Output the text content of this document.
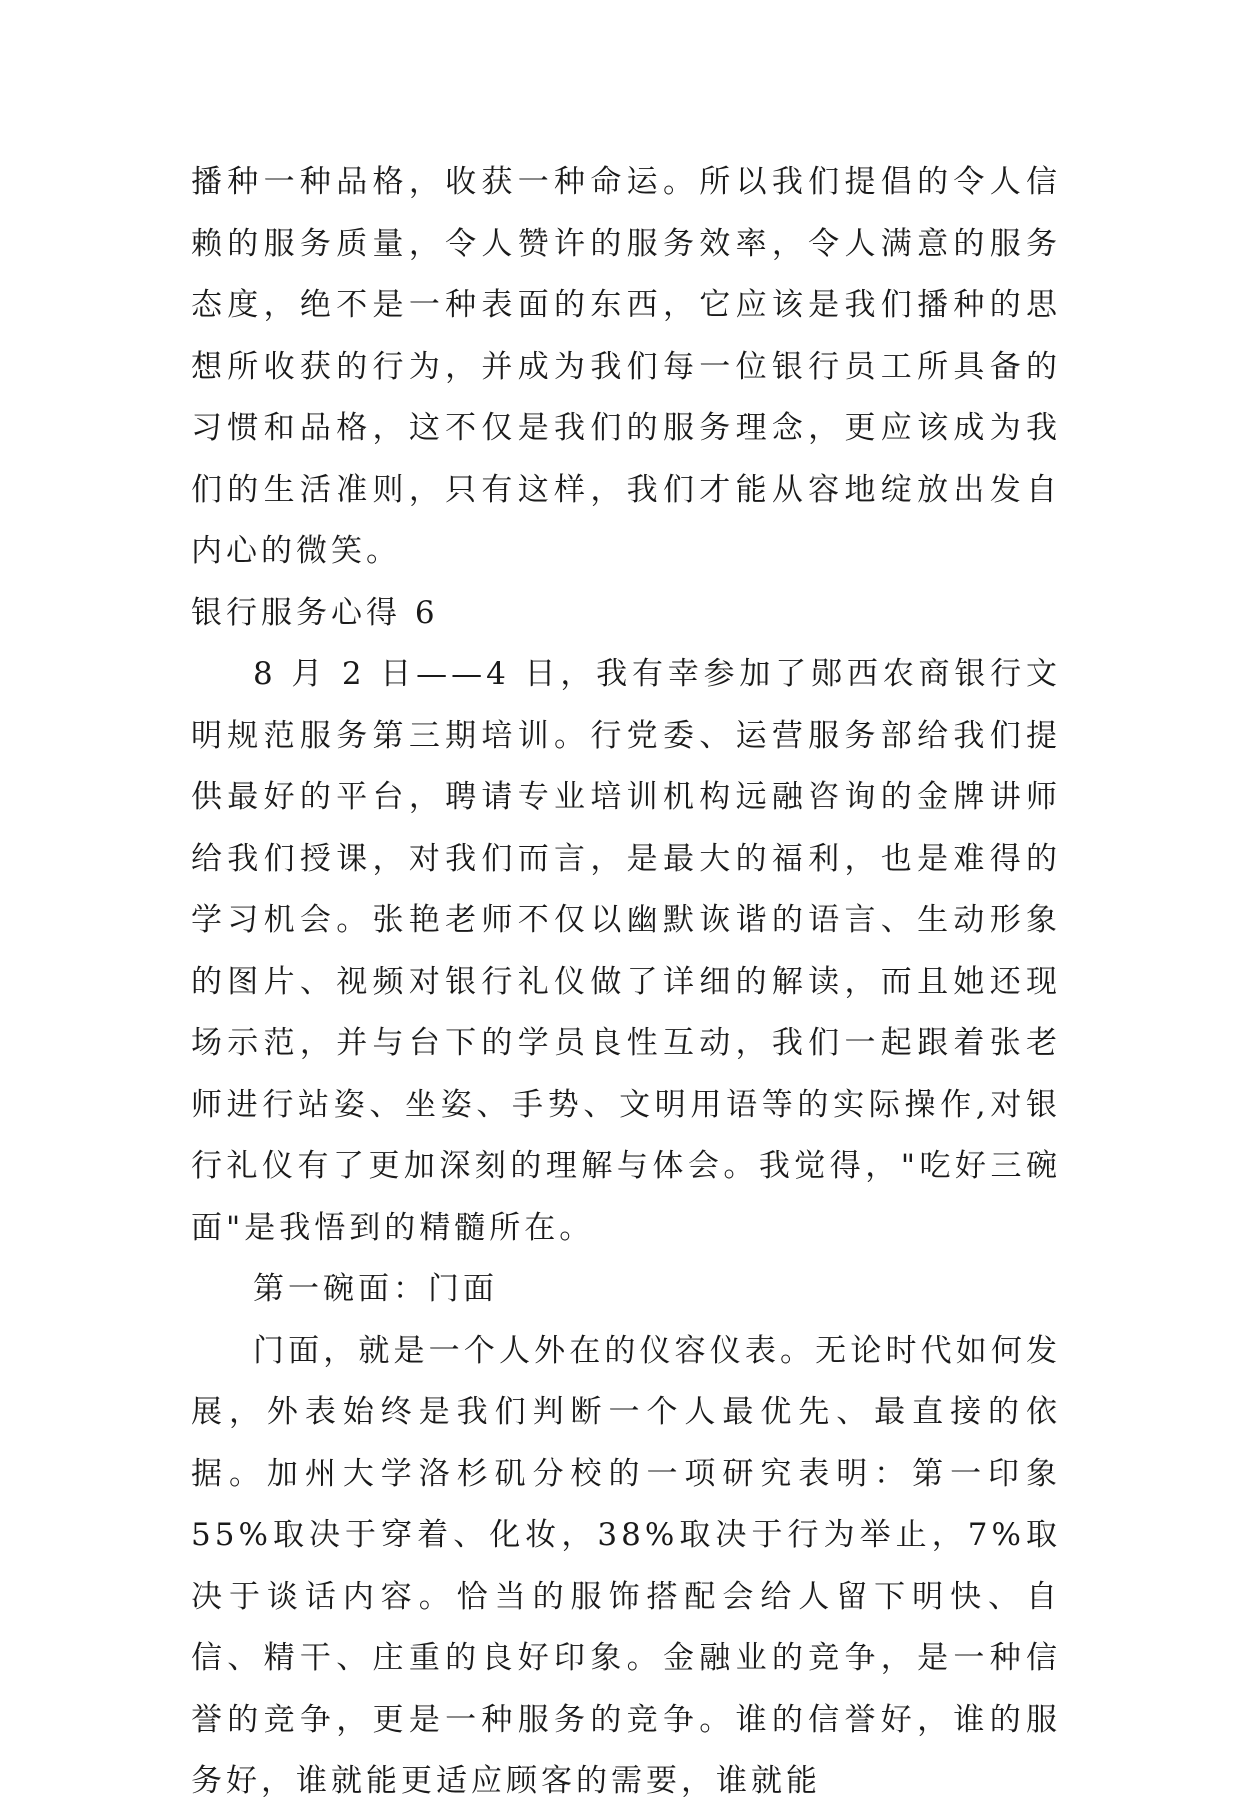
播种一种品格，收获一种命运。所以我们提倡的令人信赖的服务质量，令人赞许的服务效率，令人满意的服务态度，绝不是一种表面的东西，它应该是我们播种的思想所收获的行为，并成为我们每一位银行员工所具备的习惯和品格，这不仅是我们的服务理念，更应该成为我们的生活准则，只有这样，我们才能从容地绽放出发自内心的微笑。

银行服务心得 6

8 月 2 日——4 日，我有幸参加了郧西农商银行文明规范服务第三期培训。行党委、运营服务部给我们提供最好的平台，聘请专业培训机构远融咨询的金牌讲师给我们授课，对我们而言，是最大的福利，也是难得的学习机会。张艳老师不仅以幽默诙谐的语言、生动形象的图片、视频对银行礼仪做了详细的解读，而且她还现场示范，并与台下的学员良性互动，我们一起跟着张老师进行站姿、坐姿、手势、文明用语等的实际操作,对银行礼仪有了更加深刻的理解与体会。我觉得，"吃好三碗面"是我悟到的精髓所在。

第一碗面：门面

门面，就是一个人外在的仪容仪表。无论时代如何发展，外表始终是我们判断一个人最优先、最直接的依据。加州大学洛杉矶分校的一项研究表明：第一印象 55%取决于穿着、化妆，38%取决于行为举止，7%取决于谈话内容。恰当的服饰搭配会给人留下明快、自信、精干、庄重的良好印象。金融业的竞争，是一种信誉的竞争，更是一种服务的竞争。谁的信誉好，谁的服务好，谁就能更适应顾客的需要，谁就能
